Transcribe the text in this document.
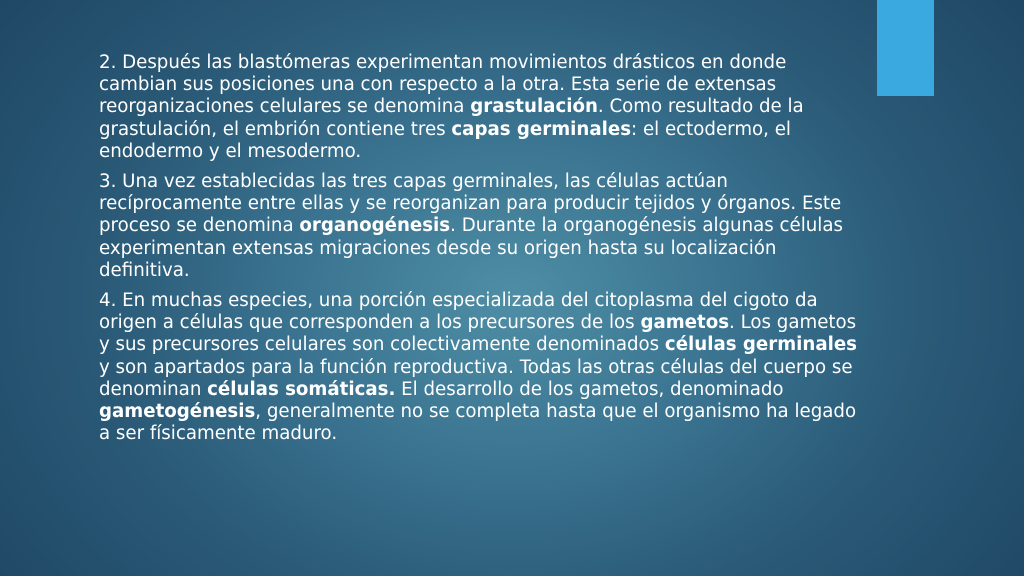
2. Después las blastómeras experimentan movimientos drásticos en donde cambian sus posiciones una con respecto a la otra. Esta serie de extensas reorganizaciones celulares se denomina grastulación. Como resultado de la grastulación, el embrión contiene tres capas germinales: el ectodermo, el endodermo y el mesodermo.

3. Una vez establecidas las tres capas germinales, las células actúan recíprocamente entre ellas y se reorganizan para producir tejidos y órganos. Este proceso se denomina organogénesis. Durante la organogénesis algunas células experimentan extensas migraciones desde su origen hasta su localización definitiva.

4. En muchas especies, una porción especializada del citoplasma del cigoto da origen a células que corresponden a los precursores de los gametos. Los gametos y sus precursores celulares son colectivamente denominados células germinales y son apartados para la función reproductiva. Todas las otras células del cuerpo se denominan células somáticas. El desarrollo de los gametos, denominado gametogénesis, generalmente no se completa hasta que el organismo ha legado a ser físicamente maduro.
